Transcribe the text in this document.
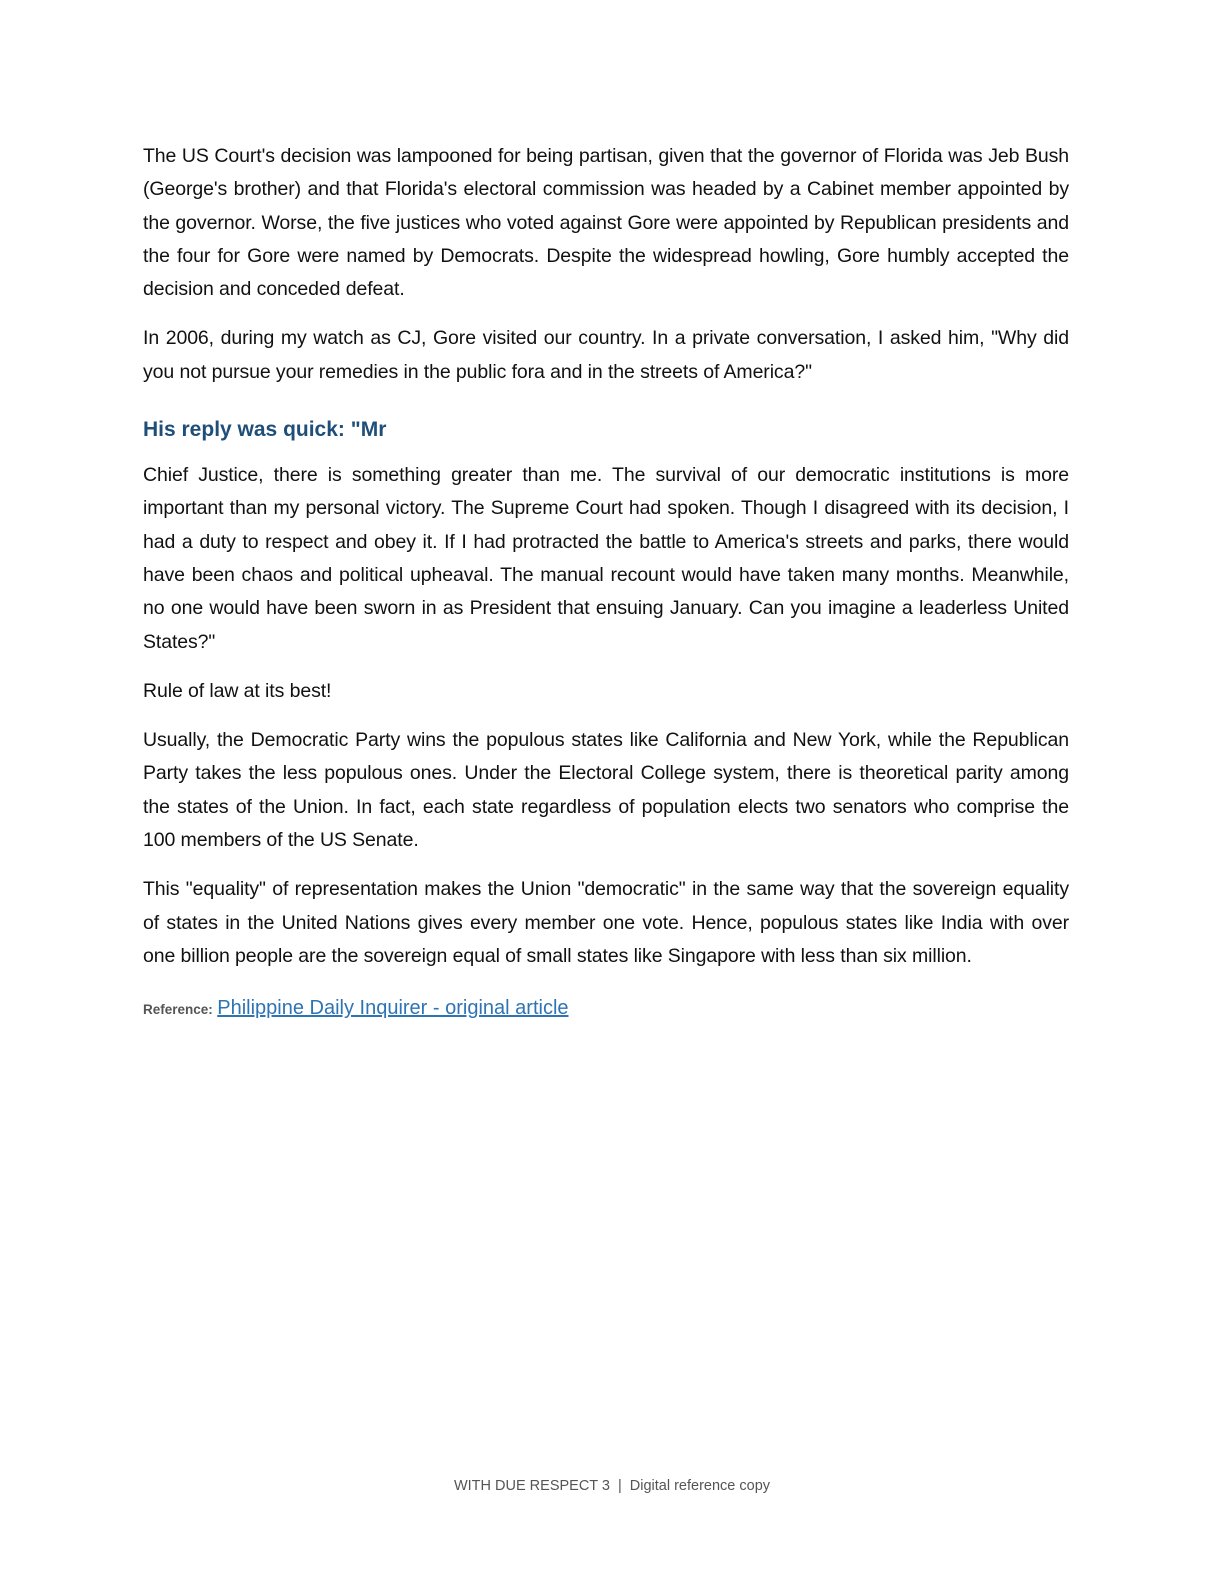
The US Court's decision was lampooned for being partisan, given that the governor of Florida was Jeb Bush (George's brother) and that Florida's electoral commission was headed by a Cabinet member appointed by the governor. Worse, the five justices who voted against Gore were appointed by Republican presidents and the four for Gore were named by Democrats. Despite the widespread howling, Gore humbly accepted the decision and conceded defeat.

In 2006, during my watch as CJ, Gore visited our country. In a private conversation, I asked him, "Why did you not pursue your remedies in the public fora and in the streets of America?"

His reply was quick: "Mr

Chief Justice, there is something greater than me. The survival of our democratic institutions is more important than my personal victory. The Supreme Court had spoken. Though I disagreed with its decision, I had a duty to respect and obey it. If I had protracted the battle to America's streets and parks, there would have been chaos and political upheaval. The manual recount would have taken many months. Meanwhile, no one would have been sworn in as President that ensuing January. Can you imagine a leaderless United States?"

Rule of law at its best!

Usually, the Democratic Party wins the populous states like California and New York, while the Republican Party takes the less populous ones. Under the Electoral College system, there is theoretical parity among the states of the Union. In fact, each state regardless of population elects two senators who comprise the 100 members of the US Senate.

This "equality" of representation makes the Union "democratic" in the same way that the sovereign equality of states in the United Nations gives every member one vote. Hence, populous states like India with over one billion people are the sovereign equal of small states like Singapore with less than six million.

Reference: Philippine Daily Inquirer - original article
WITH DUE RESPECT 3 | Digital reference copy
